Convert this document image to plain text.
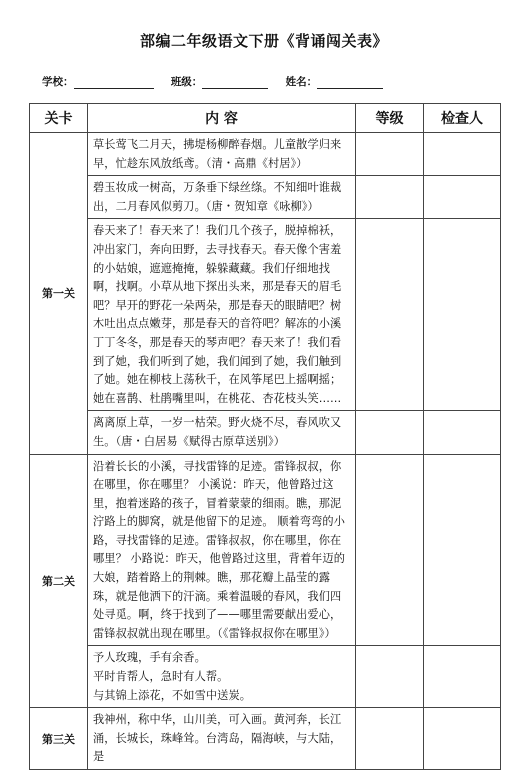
部编二年级语文下册《背诵闯关表》
学校：	班级：	姓名：
关卡	内 容	等级	检查人
第一关	草长莺飞二月天，拂堤杨柳醉春烟。儿童散学归来早，忙趁东风放纸鸢。（清・高鼎《村居》）		

	碧玉妆成一树高，万条垂下绿丝绦。不知细叶谁裁出，二月春风似剪刀。（唐・贺知章《咏柳》）		

	春天来了！春天来了！我们几个孩子，脱掉棉袄，冲出家门，奔向田野，去寻找春天。春天像个害羞的小姑娘，遮遮掩掩，躲躲藏藏。我们仔细地找啊，找啊。小草从地下探出头来，那是春天的眉毛吧？早开的野花一朵两朵，那是春天的眼睛吧？树木吐出点点嫩芽，那是春天的音符吧？解冻的小溪丁丁冬冬，那是春天的琴声吧？春天来了！我们看到了她，我们听到了她，我们闻到了她，我们触到了她。她在柳枝上荡秋千，在风筝尾巴上摇啊摇；她在喜鹊、杜鹃嘴里叫，在桃花、杏花枝头笑……		

	离离原上草，一岁一枯荣。野火烧不尽，春风吹又生。（唐・白居易《赋得古原草送别》）		

第二关	沿着长长的小溪，寻找雷锋的足迹。雷锋叔叔，你在哪里，你在哪里？ 小溪说：昨天，他曾路过这里，抱着迷路的孩子，冒着蒙蒙的细雨。瞧，那泥泞路上的脚窝，就是他留下的足迹。 顺着弯弯的小路，寻找雷锋的足迹。雷锋叔叔，你在哪里，你在哪里？ 小路说：昨天，他曾路过这里，背着年迈的大娘，踏着路上的荆棘。瞧，那花瓣上晶莹的露珠，就是他洒下的汗滴。乘着温暖的春风，我们四处寻觅。啊，终于找到了——哪里需要献出爱心，雷锋叔叔就出现在哪里。（《雷锋叔叔你在哪里》）		

	予人玫瑰，手有余香。
平时肯帮人，急时有人帮。
与其锦上添花，不如雪中送炭。		

第三关	我神州，称中华，山川美，可入画。黄河奔，长江涌，长城长，珠峰耸。台湾岛，隔海峡，与大陆，是		
